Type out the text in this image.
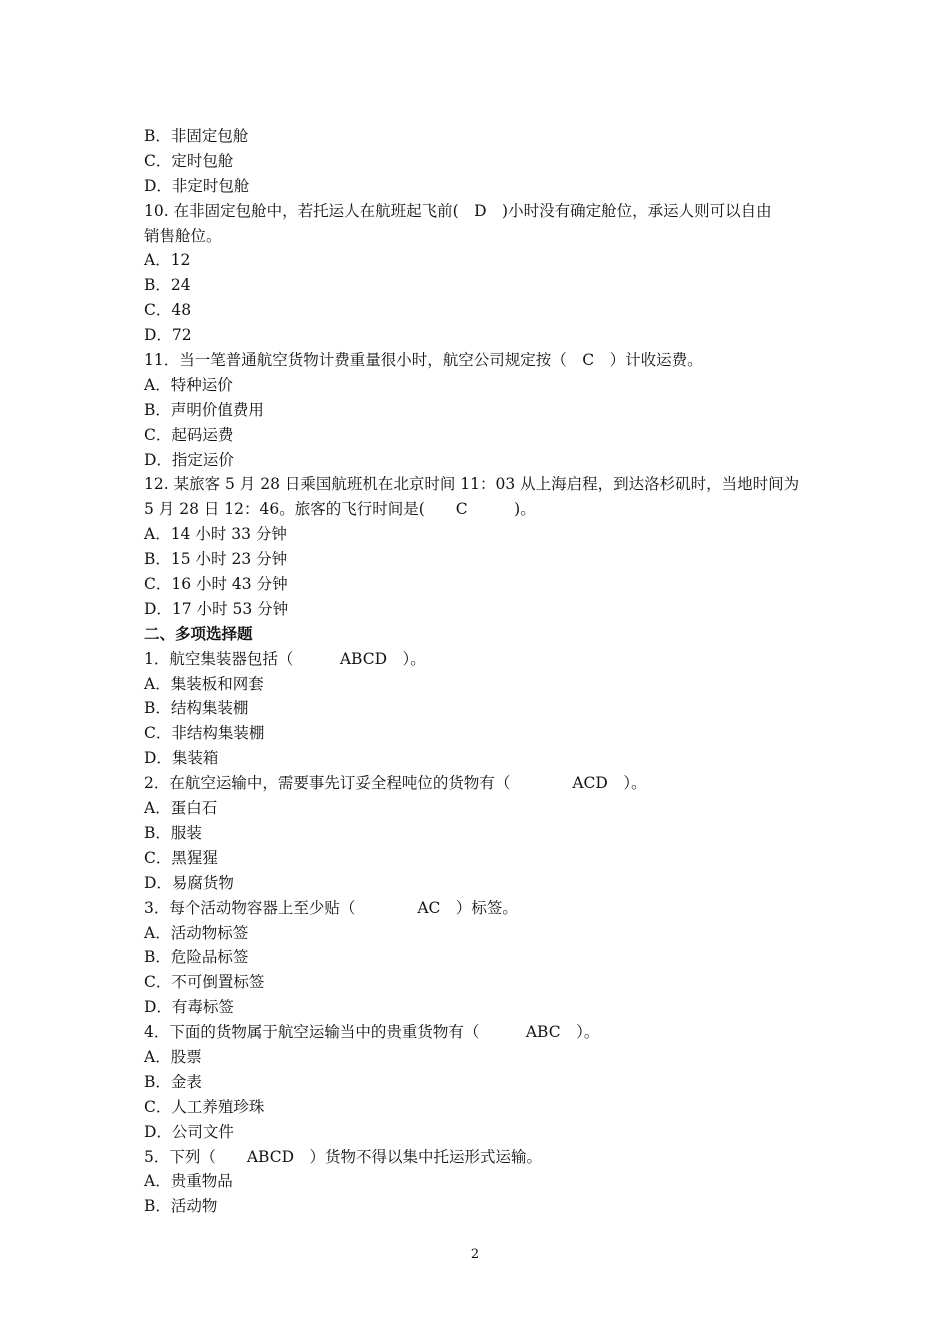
B．非固定包舱
C．定时包舱
D．非定时包舱
10. 在非固定包舱中，若托运人在航班起飞前(　D　)小时没有确定舱位，承运人则可以自由
销售舱位。
A．12
B．24
C．48
D．72
11．当一笔普通航空货物计费重量很小时，航空公司规定按（　C　）计收运费。
A．特种运价
B．声明价值费用
C．起码运费
D．指定运价
12. 某旅客 5 月 28 日乘国航班机在北京时间 11：03 从上海启程，到达洛杉矶时，当地时间为
5 月 28 日 12：46。旅客的飞行时间是(　　C　　　)。
A．14 小时 33 分钟
B．15 小时 23 分钟
C．16 小时 43 分钟
D．17 小时 53 分钟
二、多项选择题
1．航空集装器包括（　　　ABCD　）。
A．集装板和网套
B．结构集装棚
C．非结构集装棚
D．集装箱
2．在航空运输中，需要事先订妥全程吨位的货物有（　　　　ACD　）。
A．蛋白石
B．服装
C．黑猩猩
D．易腐货物
3．每个活动物容器上至少贴（　　　　AC　）标签。
A．活动物标签
B．危险品标签
C．不可倒置标签
D．有毒标签
4．下面的货物属于航空运输当中的贵重货物有（　　　ABC　）。
A．股票
B．金表
C．人工养殖珍珠
D．公司文件
5．下列（　　ABCD　）货物不得以集中托运形式运输。
A．贵重物品
B．活动物
2
